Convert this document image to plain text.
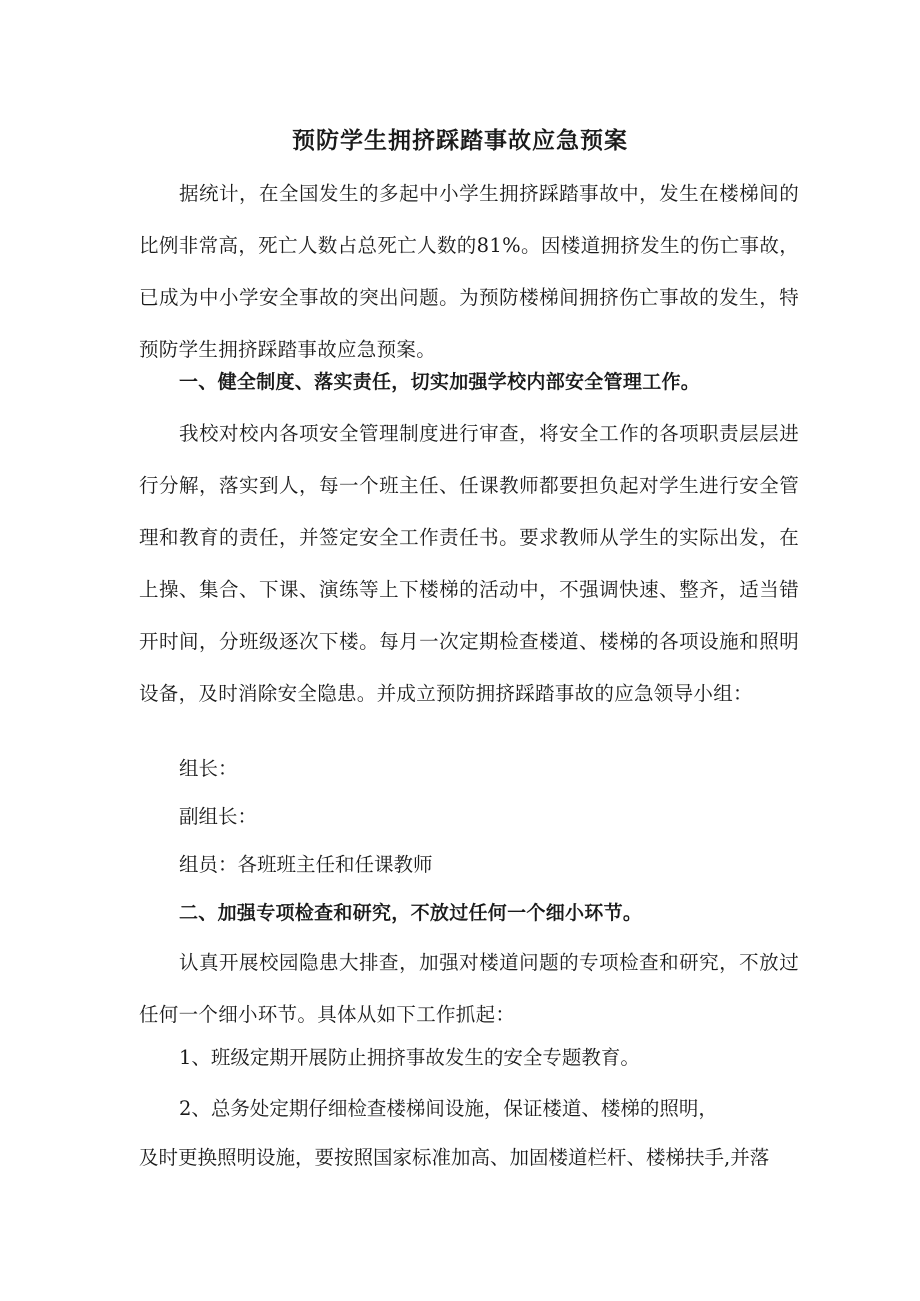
预防学生拥挤踩踏事故应急预案

据统计，在全国发生的多起中小学生拥挤踩踏事故中，发生在楼梯间的比例非常高，死亡人数占总死亡人数的81%。因楼道拥挤发生的伤亡事故，已成为中小学安全事故的突出问题。为预防楼梯间拥挤伤亡事故的发生，特预防学生拥挤踩踏事故应急预案。

一、健全制度、落实责任，切实加强学校内部安全管理工作。

我校对校内各项安全管理制度进行审查，将安全工作的各项职责层层进行分解，落实到人，每一个班主任、任课教师都要担负起对学生进行安全管理和教育的责任，并签定安全工作责任书。要求教师从学生的实际出发，在上操、集合、下课、演练等上下楼梯的活动中，不强调快速、整齐，适当错开时间，分班级逐次下楼。每月一次定期检查楼道、楼梯的各项设施和照明设备，及时消除安全隐患。并成立预防拥挤踩踏事故的应急领导小组：

组长：

副组长：

组员：各班班主任和任课教师

二、加强专项检查和研究，不放过任何一个细小环节。

认真开展校园隐患大排查，加强对楼道问题的专项检查和研究，不放过任何一个细小环节。具体从如下工作抓起：

1、班级定期开展防止拥挤事故发生的安全专题教育。

2、总务处定期仔细检查楼梯间设施，保证楼道、楼梯的照明，

及时更换照明设施，要按照国家标准加高、加固楼道栏杆、楼梯扶手,并落
